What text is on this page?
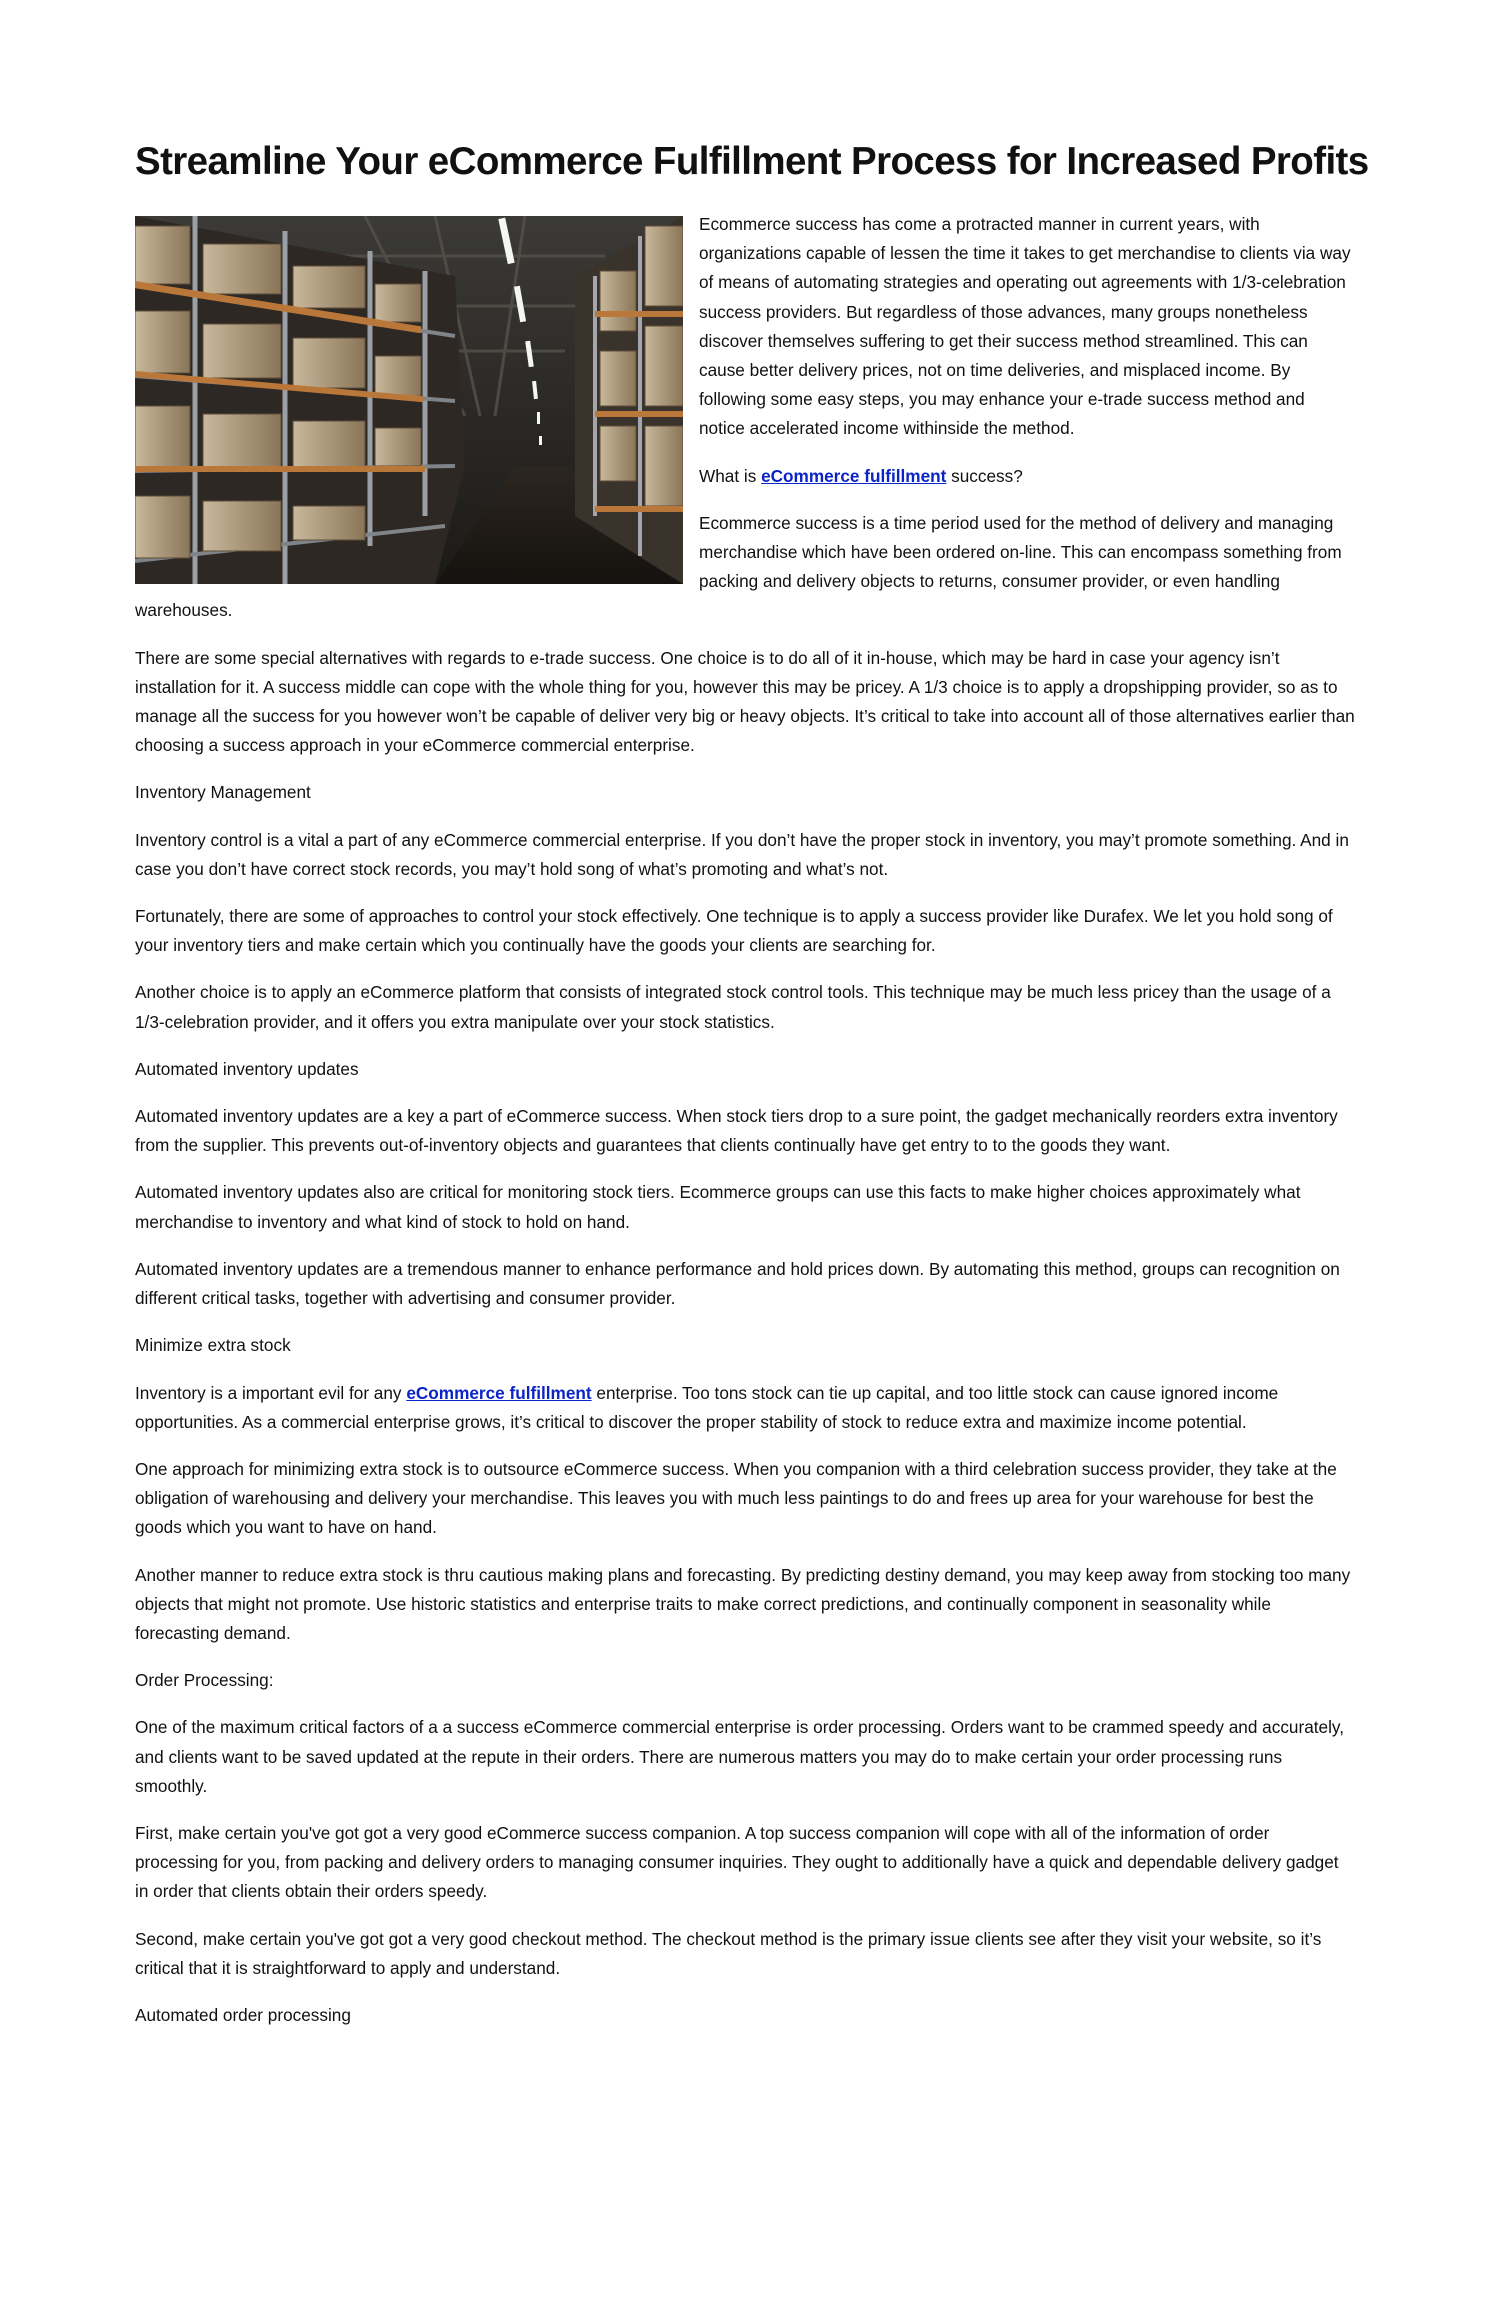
Streamline Your eCommerce Fulfillment Process for Increased Profits

Ecommerce success has come a protracted manner in current years, with organizations capable of lessen the time it takes to get merchandise to clients via way of means of automating strategies and operating out agreements with 1/3-celebration success providers. But regardless of those advances, many groups nonetheless discover themselves suffering to get their success method streamlined. This can cause better delivery prices, not on time deliveries, and misplaced income. By following some easy steps, you may enhance your e-trade success method and notice accelerated income withinside the method.

What is eCommerce fulfillment success?

Ecommerce success is a time period used for the method of delivery and managing merchandise which have been ordered on-line. This can encompass something from packing and delivery objects to returns, consumer provider, or even handling warehouses.

There are some special alternatives with regards to e-trade success. One choice is to do all of it in-house, which may be hard in case your agency isn’t installation for it. A success middle can cope with the whole thing for you, however this may be pricey. A 1/3 choice is to apply a dropshipping provider, so as to manage all the success for you however won’t be capable of deliver very big or heavy objects. It’s critical to take into account all of those alternatives earlier than choosing a success approach in your eCommerce commercial enterprise.

Inventory Management

Inventory control is a vital a part of any eCommerce commercial enterprise. If you don’t have the proper stock in inventory, you may’t promote something. And in case you don’t have correct stock records, you may’t hold song of what’s promoting and what’s not.

Fortunately, there are some of approaches to control your stock effectively. One technique is to apply a success provider like Durafex. We let you hold song of your inventory tiers and make certain which you continually have the goods your clients are searching for.

Another choice is to apply an eCommerce platform that consists of integrated stock control tools. This technique may be much less pricey than the usage of a 1/3-celebration provider, and it offers you extra manipulate over your stock statistics.

Automated inventory updates

Automated inventory updates are a key a part of eCommerce success. When stock tiers drop to a sure point, the gadget mechanically reorders extra inventory from the supplier. This prevents out-of-inventory objects and guarantees that clients continually have get entry to to the goods they want.

Automated inventory updates also are critical for monitoring stock tiers. Ecommerce groups can use this facts to make higher choices approximately what merchandise to inventory and what kind of stock to hold on hand.

Automated inventory updates are a tremendous manner to enhance performance and hold prices down. By automating this method, groups can recognition on different critical tasks, together with advertising and consumer provider.

Minimize extra stock

Inventory is a important evil for any eCommerce fulfillment enterprise. Too tons stock can tie up capital, and too little stock can cause ignored income opportunities. As a commercial enterprise grows, it’s critical to discover the proper stability of stock to reduce extra and maximize income potential.

One approach for minimizing extra stock is to outsource eCommerce success. When you companion with a third celebration success provider, they take at the obligation of warehousing and delivery your merchandise. This leaves you with much less paintings to do and frees up area for your warehouse for best the goods which you want to have on hand.

Another manner to reduce extra stock is thru cautious making plans and forecasting. By predicting destiny demand, you may keep away from stocking too many objects that might not promote. Use historic statistics and enterprise traits to make correct predictions, and continually component in seasonality while forecasting demand.

Order Processing:

One of the maximum critical factors of a a success eCommerce commercial enterprise is order processing. Orders want to be crammed speedy and accurately, and clients want to be saved updated at the repute in their orders. There are numerous matters you may do to make certain your order processing runs smoothly.

First, make certain you've got got a very good eCommerce success companion. A top success companion will cope with all of the information of order processing for you, from packing and delivery orders to managing consumer inquiries. They ought to additionally have a quick and dependable delivery gadget in order that clients obtain their orders speedy.

Second, make certain you've got got a very good checkout method. The checkout method is the primary issue clients see after they visit your website, so it’s critical that it is straightforward to apply and understand.

Automated order processing
